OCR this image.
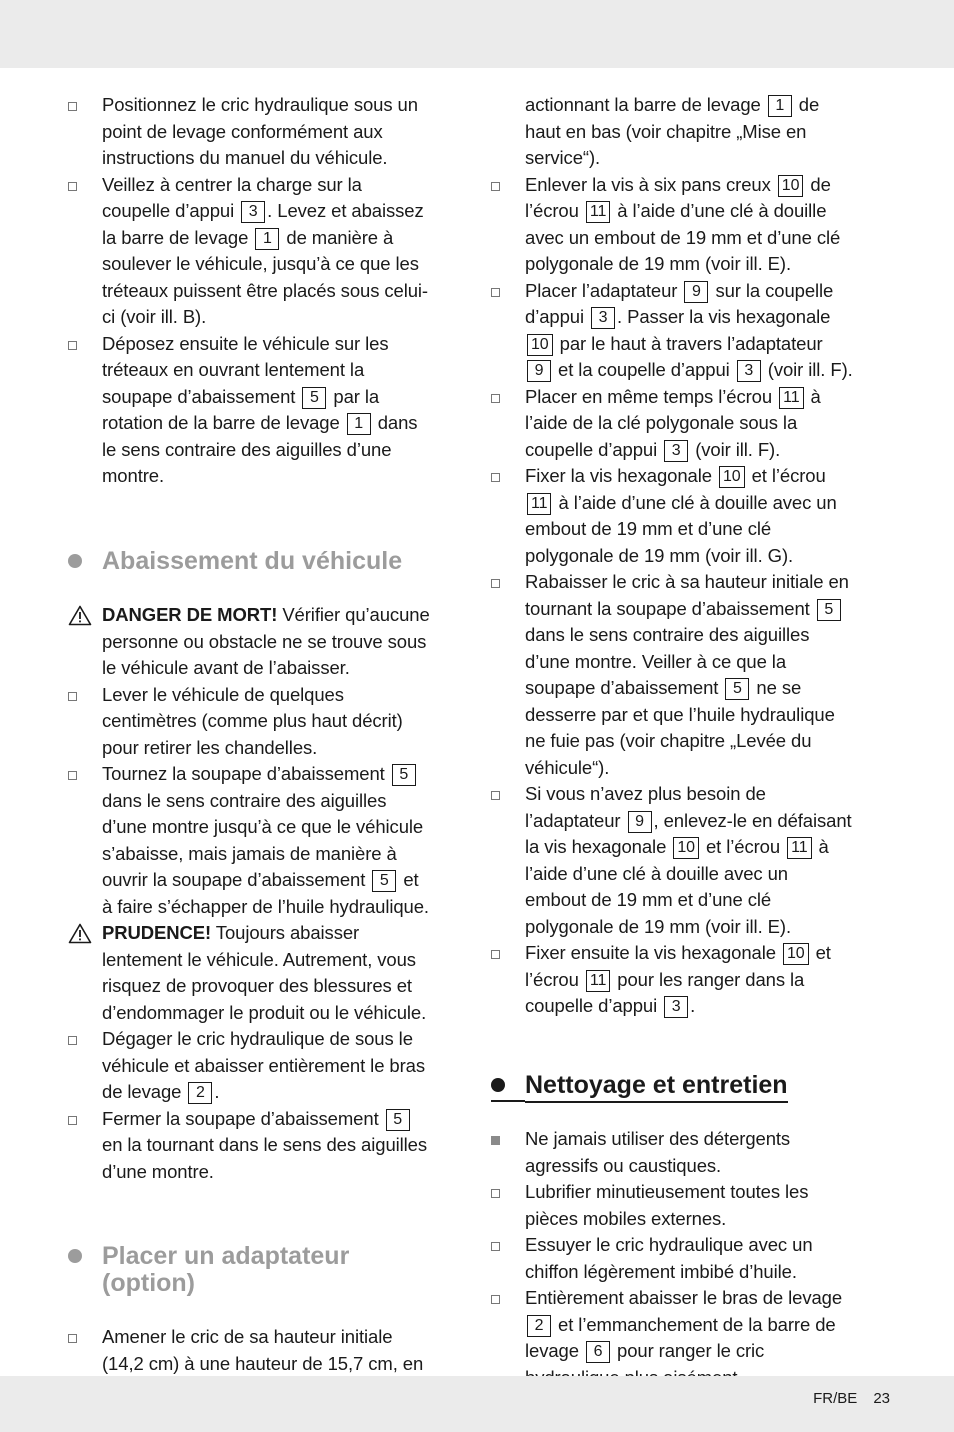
Positionnez le cric hydraulique sous un point de levage conformément aux instructions du manuel du véhicule.
Veillez à centrer la charge sur la coupelle d’appui 3 . Levez et abaissez la barre de levage 1 de manière à soulever le véhicule, jusqu’à ce que les tréteaux puissent être placés sous celui-ci (voir ill. B).
Déposez ensuite le véhicule sur les tréteaux en ouvrant lentement la soupape d’abaissement 5 par la rotation de la barre de levage 1 dans le sens contraire des aiguilles d’une montre.
Abaissement du véhicule
DANGER DE MORT! Vérifier qu’aucune personne ou obstacle ne se trouve sous le véhicule avant de l’abaisser.
Lever le véhicule de quelques centimètres (comme plus haut décrit) pour retirer les chandelles.
Tournez la soupape d’abaissement 5 dans le sens contraire des aiguilles d’une montre jusqu’à ce que le véhicule s’abaisse, mais jamais de manière à ouvrir la soupape d’abaissement 5 et à faire s’échapper de l’huile hydraulique.
PRUDENCE! Toujours abaisser lentement le véhicule. Autrement, vous risquez de provoquer des blessures et d’endommager le produit ou le véhicule.
Dégager le cric hydraulique de sous le véhicule et abaisser entièrement le bras de levage 2 .
Fermer la soupape d’abaissement 5 en la tournant dans le sens des aiguilles d’une montre.
Placer un adaptateur (option)
Amener le cric de sa hauteur initiale (14,2 cm) à une hauteur de 15,7 cm, en
actionnant la barre de levage 1 de haut en bas (voir chapitre „Mise en service“).
Enlever la vis à six pans creux 10 de l’écrou 11 à l’aide d’une clé à douille avec un embout de 19 mm et d’une clé polygonale de 19 mm (voir ill. E).
Placer l’adaptateur 9 sur la coupelle d’appui 3 . Passer la vis hexagonale 10 par le haut à travers l’adaptateur 9 et la coupelle d’appui 3 (voir ill. F).
Placer en même temps l’écrou 11 à l’aide de la clé polygonale sous la coupelle d’appui 3 (voir ill. F).
Fixer la vis hexagonale 10 et l’écrou 11 à l’aide d’une clé à douille avec un embout de 19 mm et d’une clé polygonale de 19 mm (voir ill. G).
Rabaisser le cric à sa hauteur initiale en tournant la soupape d’abaissement 5 dans le sens contraire des aiguilles d’une montre. Veiller à ce que la soupape d’abaissement 5 ne se desserre par et que l’huile hydraulique ne fuie pas (voir chapitre „Levée du véhicule“).
Si vous n’avez plus besoin de l’adaptateur 9 , enlevez-le en défaisant la vis hexagonale 10 et l’écrou 11 à l’aide d’une clé à douille avec un embout de 19 mm et d’une clé polygonale de 19 mm (voir ill. E).
Fixer ensuite la vis hexagonale 10 et l’écrou 11 pour les ranger dans la coupelle d’appui 3 .
Nettoyage et entretien
Ne jamais utiliser des détergents agressifs ou caustiques.
Lubrifier minutieusement toutes les pièces mobiles externes.
Essuyer le cric hydraulique avec un chiffon légèrement imbibé d’huile.
Entièrement abaisser le bras de levage 2 et l’emmanchement de la barre de levage 6 pour ranger le cric
FR/BE 23
